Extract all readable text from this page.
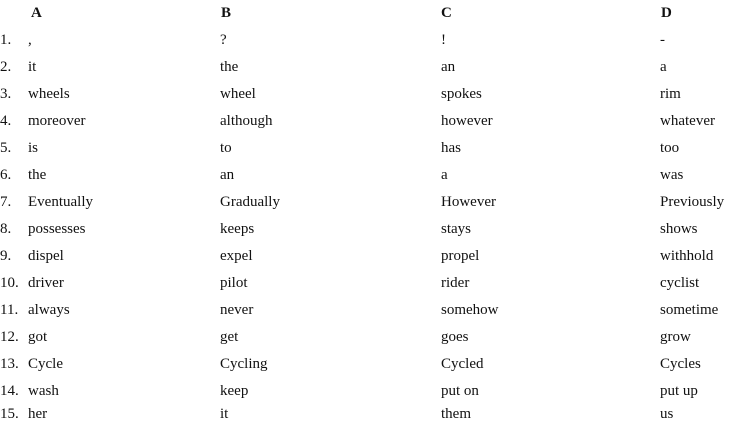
A	B	C	D
1. ,	?	!	-
2. it	the	an	a
3. wheels	wheel	spokes	rim
4. moreover	although	however	whatever
5. is	to	has	too
6. the	an	a	was
7. Eventually	Gradually	However	Previously
8. possesses	keeps	stays	shows
9. dispel	expel	propel	withhold
10. driver	pilot	rider	cyclist
11. always	never	somehow	sometime
12. got	get	goes	grow
13. Cycle	Cycling	Cycled	Cycles
14. wash	keep	put on	put up
15. her	it	them	us
